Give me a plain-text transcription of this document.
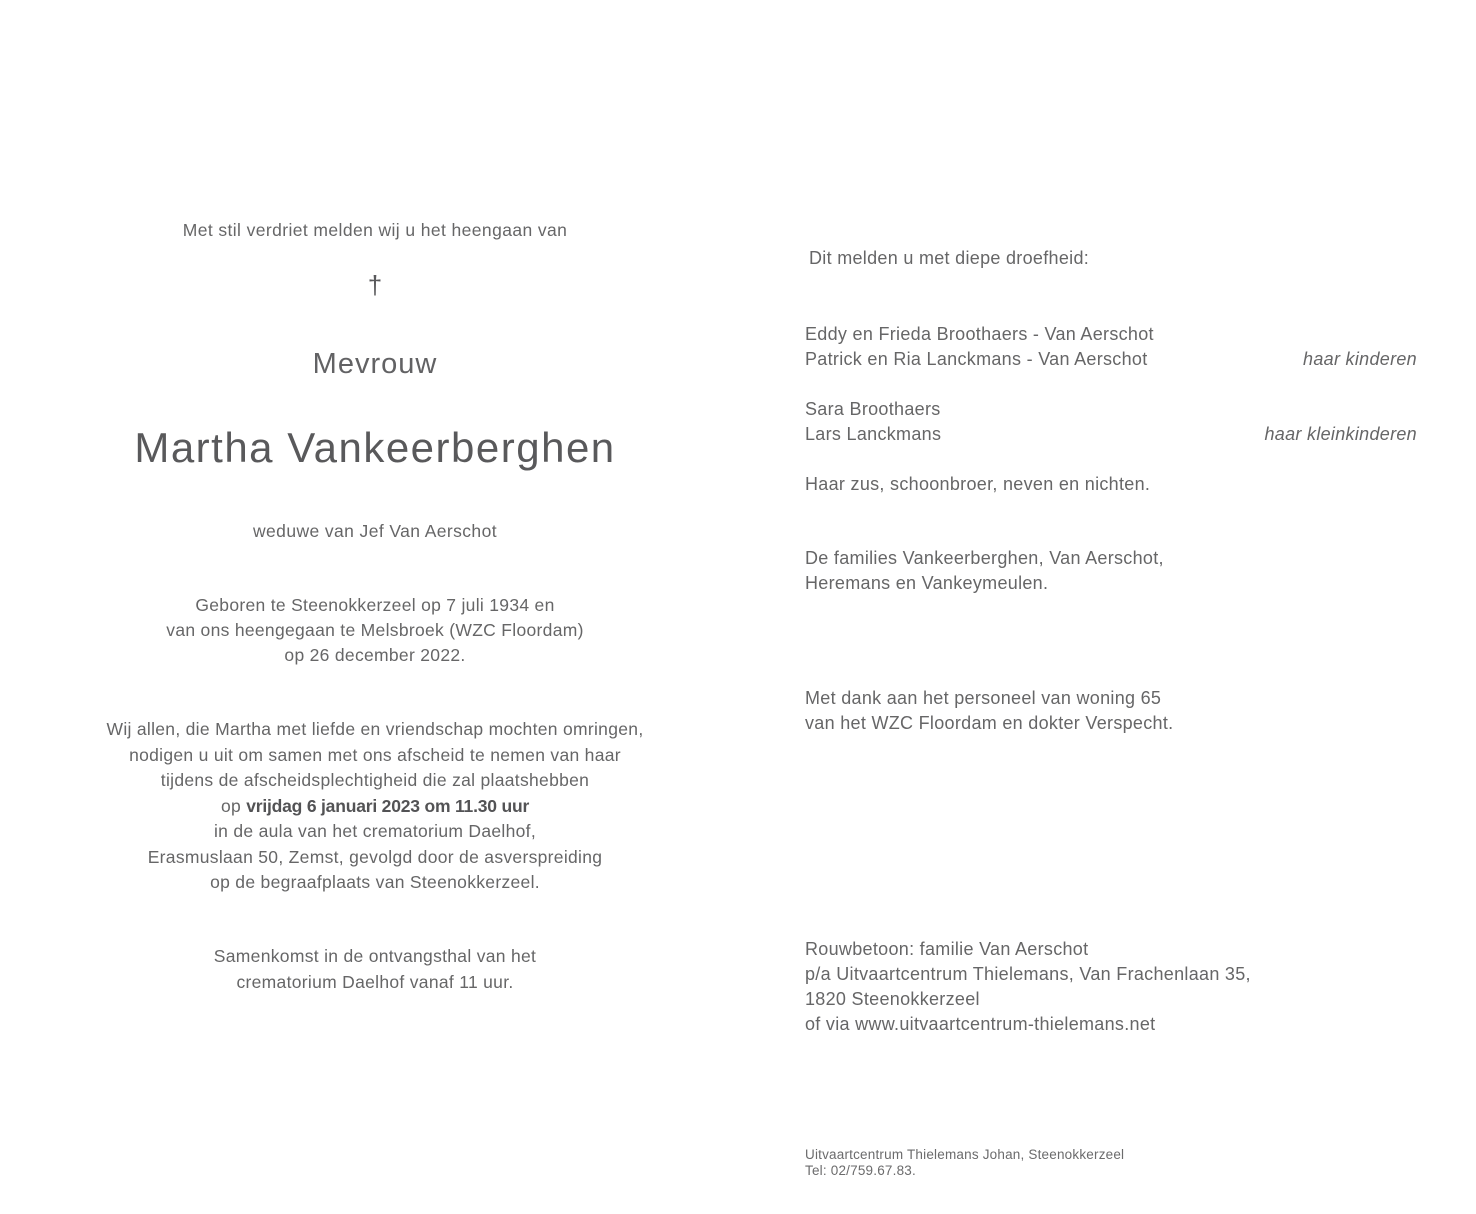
Met stil verdriet melden wij u het heengaan van
†
Mevrouw
Martha Vankeerberghen
weduwe van Jef Van Aerschot
Geboren te Steenokkerzeel op 7 juli 1934 en
van ons heengegaan te Melsbroek (WZC Floordam)
op 26 december 2022.
Wij allen, die Martha met liefde en vriendschap mochten omringen,
nodigen u uit om samen met ons afscheid te nemen van haar
tijdens de afscheidsplechtigheid die zal plaatshebben
op vrijdag 6 januari 2023 om 11.30 uur
in de aula van het crematorium Daelhof,
Erasmuslaan 50, Zemst, gevolgd door de asverspreiding
op de begraafplaats van Steenokkerzeel.
Samenkomst in de ontvangsthal van het
crematorium Daelhof vanaf 11 uur.
Dit melden u met diepe droefheid:
Eddy en Frieda Broothaers - Van Aerschot
Patrick en Ria Lanckmans - Van Aerschot	haar kinderen
Sara Broothaers
Lars Lanckmans	haar kleinkinderen
Haar zus, schoonbroer, neven en nichten.
De families Vankeerberghen, Van Aerschot,
Heremans en Vankeymeulen.
Met dank aan het personeel van woning 65
van het WZC Floordam en dokter Verspecht.
Rouwbetoon: familie Van Aerschot
p/a Uitvaartcentrum Thielemans, Van Frachenlaan 35,
1820 Steenokkerzeel
of via www.uitvaartcentrum-thielemans.net
Uitvaartcentrum Thielemans Johan, Steenokkerzeel
Tel: 02/759.67.83.
